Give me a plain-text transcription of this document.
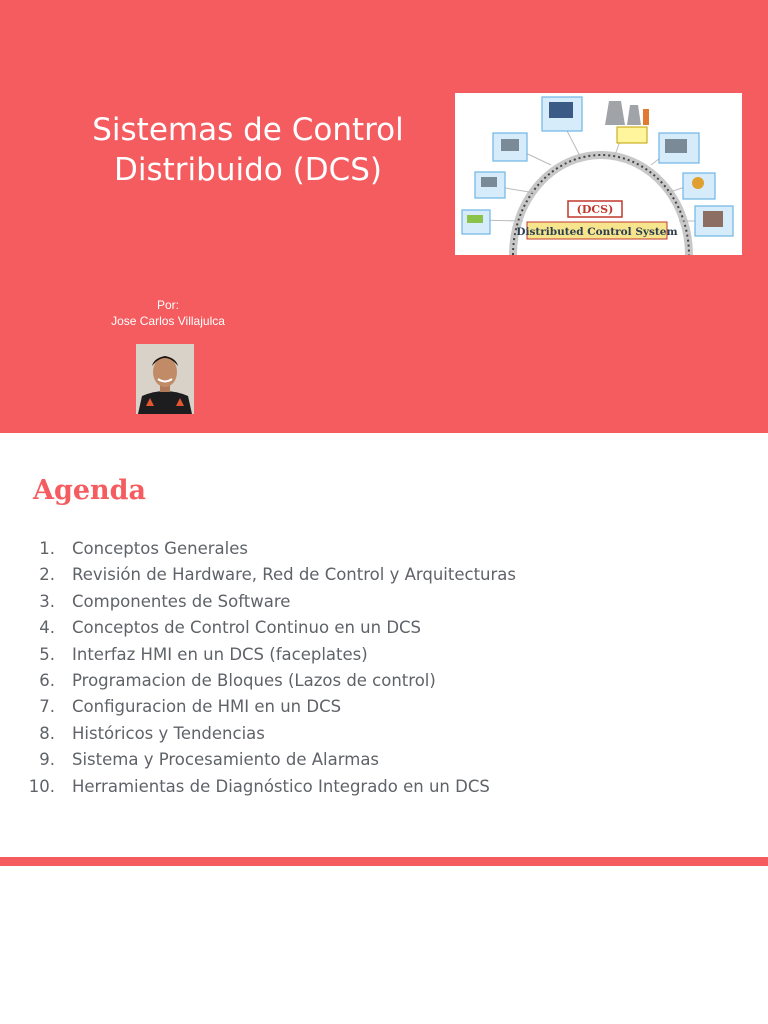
Sistemas de Control Distribuido (DCS)
(DCS)
Distributed Control System
Por:
Jose Carlos Villajulca
Agenda
1. Conceptos Generales
2. Revisión de Hardware, Red de Control y Arquitecturas
3. Componentes de Software
4. Conceptos de Control Continuo en un DCS
5. Interfaz HMI en un DCS (faceplates)
6. Programacion de Bloques (Lazos de control)
7. Configuracion de HMI en un DCS
8. Históricos y Tendencias
9. Sistema y Procesamiento de Alarmas
10. Herramientas de Diagnóstico Integrado en un DCS
